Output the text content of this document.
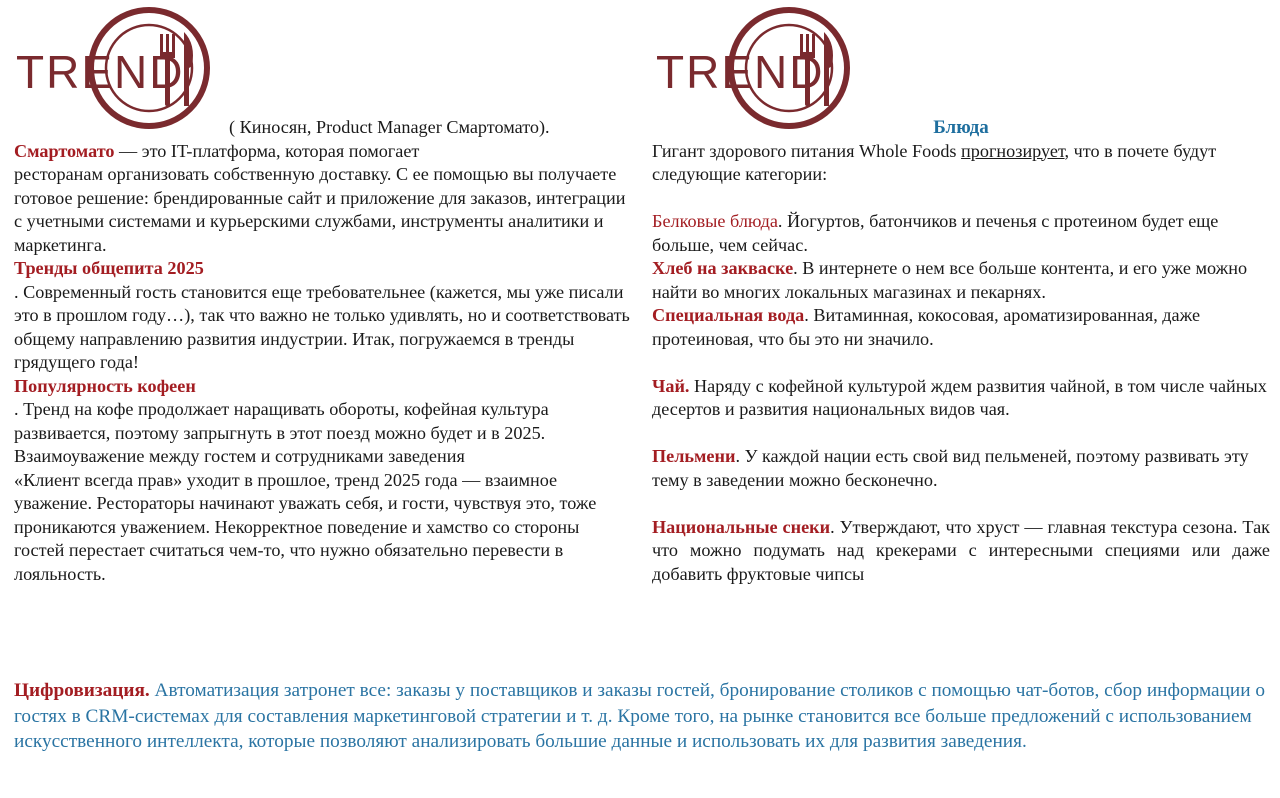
TREND	TREND

( Киносян, Product Manager Смартомато).

Смартомато — это IT-платформа, которая помогает
ресторанам организовать собственную доставку. С ее помощью вы получаете готовое решение: брендированные сайт и приложение для заказов, интеграции с учетными системами и курьерскими службами, инструменты аналитики и маркетинга.

Тренды общепита 2025

. Современный гость становится еще требовательнее (кажется, мы уже писали это в прошлом году…), так что важно не только удивлять, но и соответствовать общему направлению развития индустрии. Итак, погружаемся в тренды грядущего года!

Популярность кофеен

. Тренд на кофе продолжает наращивать обороты, кофейная культура развивается, поэтому запрыгнуть в этот поезд можно будет и в 2025.

Взаимоуважение между гостем и сотрудниками заведения

«Клиент всегда прав» уходит в прошлое, тренд 2025 года — взаимное уважение. Рестораторы начинают уважать себя, и гости, чувствуя это, тоже проникаются уважением. Некорректное поведение и хамство со стороны гостей перестает считаться чем-то, что нужно обязательно перевести в лояльность.

Блюда

Гигант здорового питания Whole Foods прогнозирует, что в почете будут следующие категории:

Белковые блюда. Йогуртов, батончиков и печенья с протеином будет еще больше, чем сейчас.

Хлеб на закваске. В интернете о нем все больше контента, и его уже можно найти во многих локальных магазинах и пекарнях.

Специальная вода. Витаминная, кокосовая, ароматизированная, даже протеиновая, что бы это ни значило.

Чай. Наряду с кофейной культурой ждем развития чайной, в том числе чайных десертов и развития национальных видов чая.

Пельмени. У каждой нации есть свой вид пельменей, поэтому развивать эту тему в заведении можно бесконечно.

Национальные снеки. Утверждают, что хруст — главная текстура сезона. Так что можно подумать над крекерами с интересными специями или даже добавить фруктовые чипсы

Цифровизация. Автоматизация затронет все: заказы у поставщиков и заказы гостей, бронирование столиков с помощью чат-ботов, сбор информации о гостях в CRM-системах для составления маркетинговой стратегии и т. д. Кроме того, на рынке становится все больше предложений с использованием искусственного интеллекта, которые позволяют анализировать большие данные и использовать их для развития заведения.
